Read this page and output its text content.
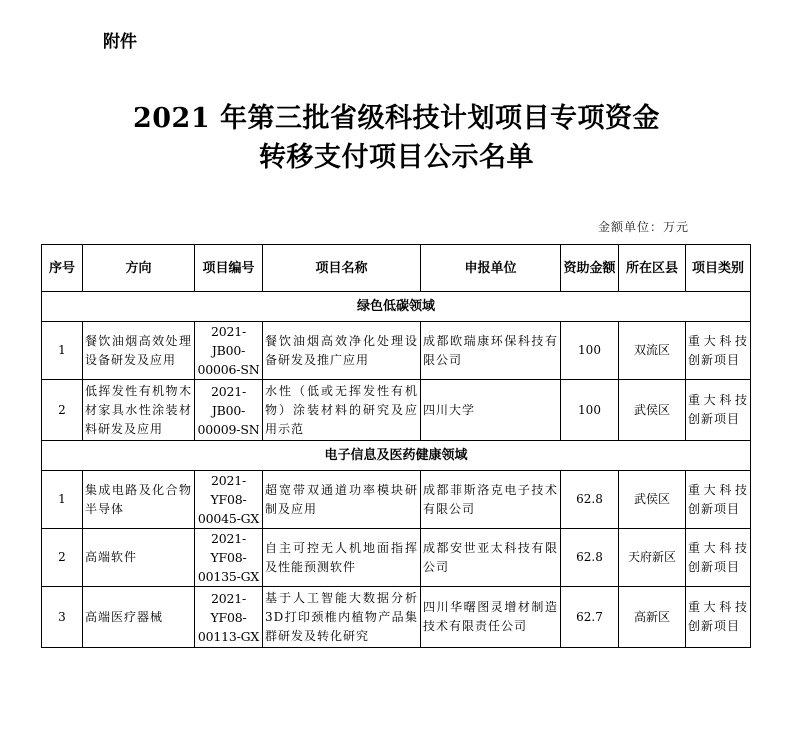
附件
2021 年第三批省级科技计划项目专项资金
转移支付项目公示名单
金额单位：万元
序号	方向	项目编号	项目名称	申报单位	资助金额	所在区县	项目类别
绿色低碳领域							
1	餐饮油烟高效处理设备研发及应用	2021-JB00-00006-SN	餐饮油烟高效净化处理设备研发及推广应用	成都欧瑞康环保科技有限公司	100	双流区	重大科技创新项目
2	低挥发性有机物木材家具水性涂装材料研发及应用	2021-JB00-00009-SN	水性（低或无挥发性有机物）涂装材料的研究及应用示范	四川大学	100	武侯区	重大科技创新项目
电子信息及医药健康领域							
1	集成电路及化合物半导体	2021-YF08-00045-GX	超宽带双通道功率模块研制及应用	成都菲斯洛克电子技术有限公司	62.8	武侯区	重大科技创新项目
2	高端软件	2021-YF08-00135-GX	自主可控无人机地面指挥及性能预测软件	成都安世亚太科技有限公司	62.8	天府新区	重大科技创新项目
3	高端医疗器械	2021-YF08-00113-GX	基于人工智能大数据分析3D打印颈椎内植物产品集群研发及转化研究	四川华曙图灵增材制造技术有限责任公司	62.7	高新区	重大科技创新项目
